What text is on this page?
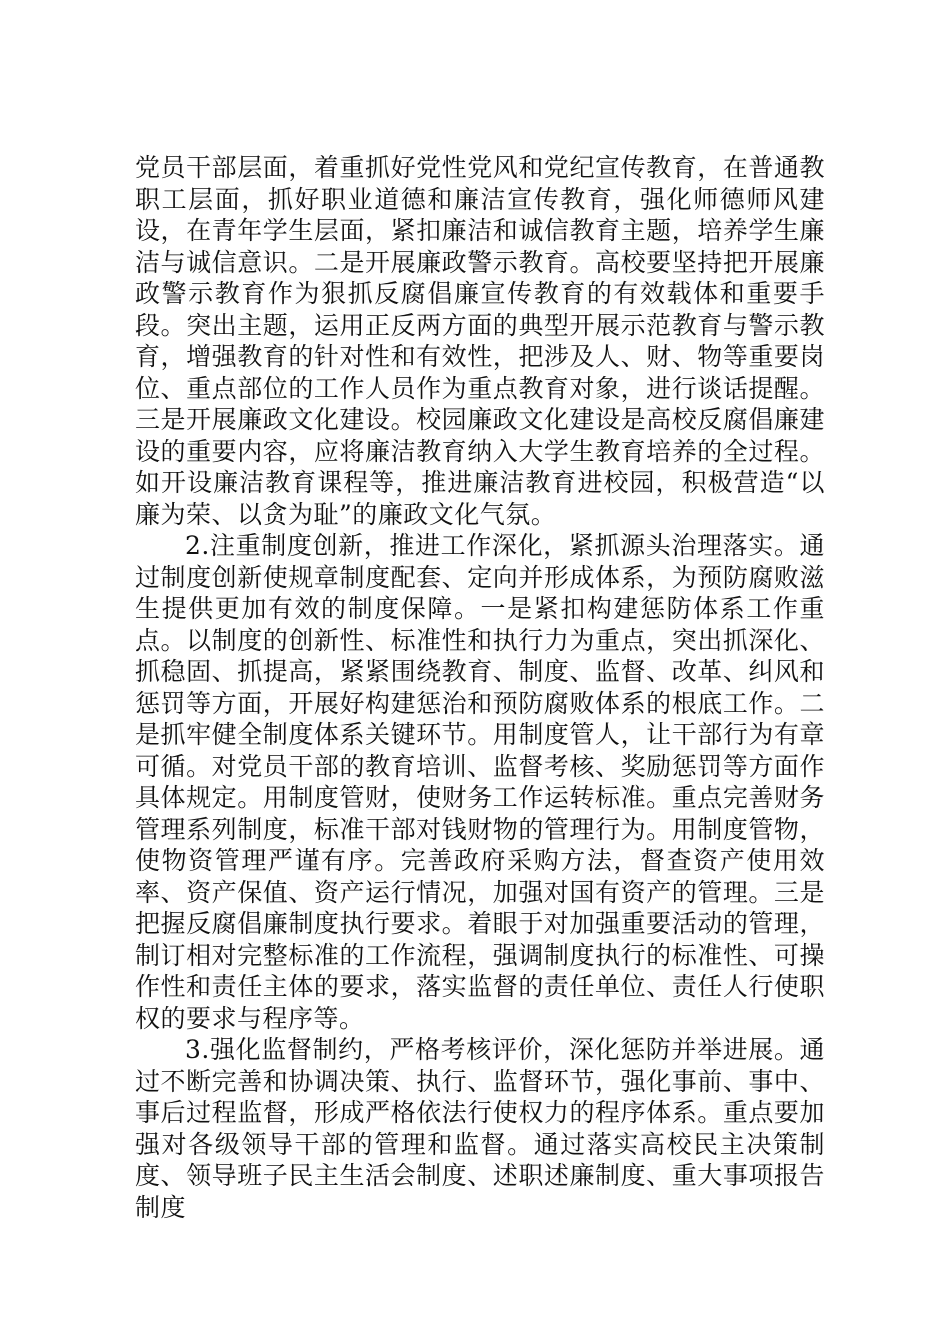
党员干部层面，着重抓好党性党风和党纪宣传教育，在普通教职工层面，抓好职业道德和廉洁宣传教育，强化师德师风建设，在青年学生层面，紧扣廉洁和诚信教育主题，培养学生廉洁与诚信意识。二是开展廉政警示教育。高校要坚持把开展廉政警示教育作为狠抓反腐倡廉宣传教育的有效载体和重要手段。突出主题，运用正反两方面的典型开展示范教育与警示教育，增强教育的针对性和有效性，把涉及人、财、物等重要岗位、重点部位的工作人员作为重点教育对象，进行谈话提醒。三是开展廉政文化建设。校园廉政文化建设是高校反腐倡廉建设的重要内容，应将廉洁教育纳入大学生教育培养的全过程。如开设廉洁教育课程等，推进廉洁教育进校园，积极营造“以廉为荣、以贪为耻”的廉政文化气氛。

2.注重制度创新，推进工作深化，紧抓源头治理落实。通过制度创新使规章制度配套、定向并形成体系，为预防腐败滋生提供更加有效的制度保障。一是紧扣构建惩防体系工作重点。以制度的创新性、标准性和执行力为重点，突出抓深化、抓稳固、抓提高，紧紧围绕教育、制度、监督、改革、纠风和惩罚等方面，开展好构建惩治和预防腐败体系的根底工作。二是抓牢健全制度体系关键环节。用制度管人，让干部行为有章可循。对党员干部的教育培训、监督考核、奖励惩罚等方面作具体规定。用制度管财，使财务工作运转标准。重点完善财务管理系列制度，标准干部对钱财物的管理行为。用制度管物，使物资管理严谨有序。完善政府采购方法，督查资产使用效率、资产保值、资产运行情况，加强对国有资产的管理。三是把握反腐倡廉制度执行要求。着眼于对加强重要活动的管理，制订相对完整标准的工作流程，强调制度执行的标准性、可操作性和责任主体的要求，落实监督的责任单位、责任人行使职权的要求与程序等。

3.强化监督制约，严格考核评价，深化惩防并举进展。通过不断完善和协调决策、执行、监督环节，强化事前、事中、事后过程监督，形成严格依法行使权力的程序体系。重点要加强对各级领导干部的管理和监督。通过落实高校民主决策制度、领导班子民主生活会制度、述职述廉制度、重大事项报告制度
